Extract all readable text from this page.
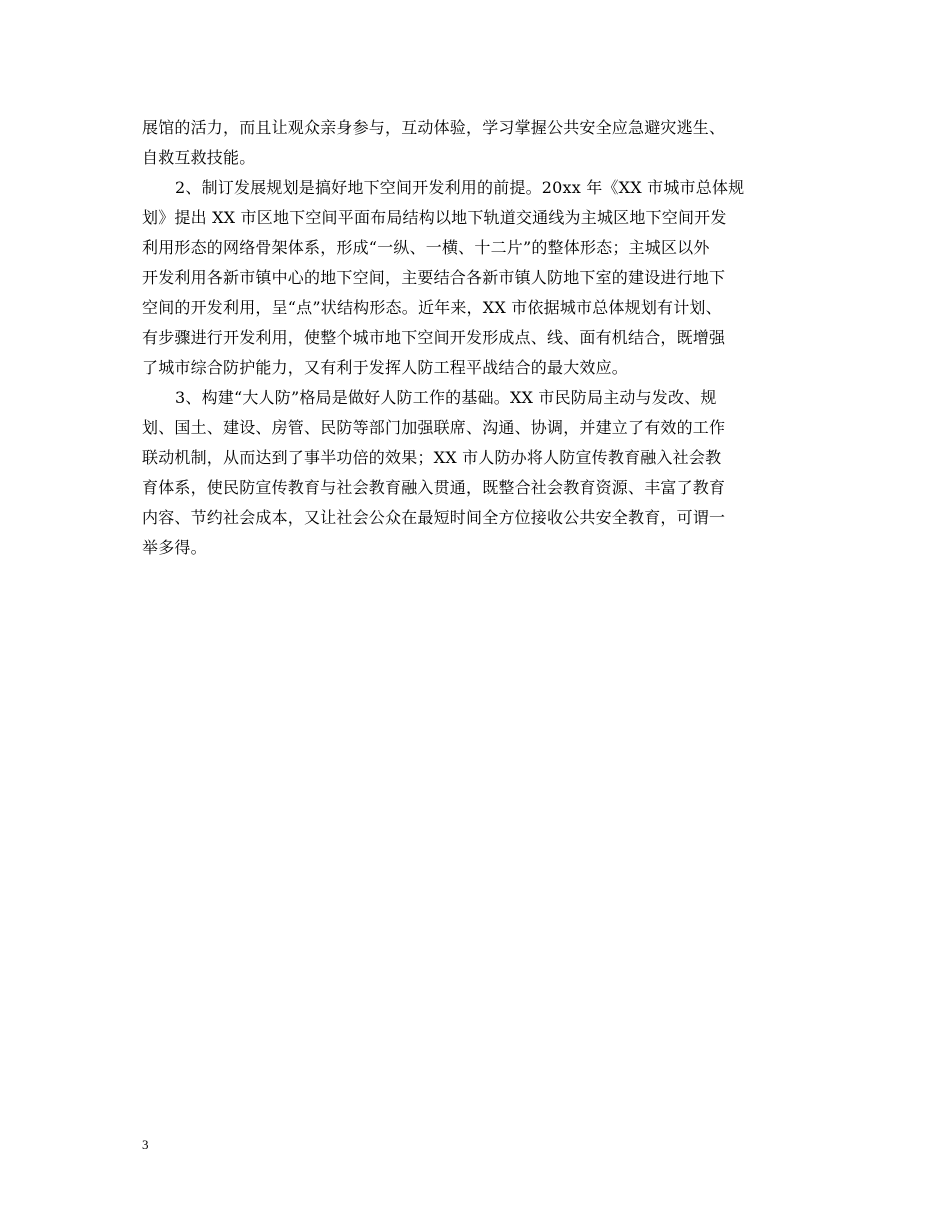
展馆的活力，而且让观众亲身参与，互动体验，学习掌握公共安全应急避灾逃生、
自救互救技能。
2、制订发展规划是搞好地下空间开发利用的前提。20xx 年《XX 市城市总体规
划》提出 XX 市区地下空间平面布局结构以地下轨道交通线为主城区地下空间开发
利用形态的网络骨架体系，形成“一纵、一横、十二片”的整体形态；主城区以外
开发利用各新市镇中心的地下空间，主要结合各新市镇人防地下室的建设进行地下
空间的开发利用，呈“点”状结构形态。近年来，XX 市依据城市总体规划有计划、
有步骤进行开发利用，使整个城市地下空间开发形成点、线、面有机结合，既增强
了城市综合防护能力，又有利于发挥人防工程平战结合的最大效应。
3、构建“大人防”格局是做好人防工作的基础。XX 市民防局主动与发改、规
划、国土、建设、房管、民防等部门加强联席、沟通、协调，并建立了有效的工作
联动机制，从而达到了事半功倍的效果；XX 市人防办将人防宣传教育融入社会教
育体系，使民防宣传教育与社会教育融入贯通，既整合社会教育资源、丰富了教育
内容、节约社会成本，又让社会公众在最短时间全方位接收公共安全教育，可谓一
举多得。
3
